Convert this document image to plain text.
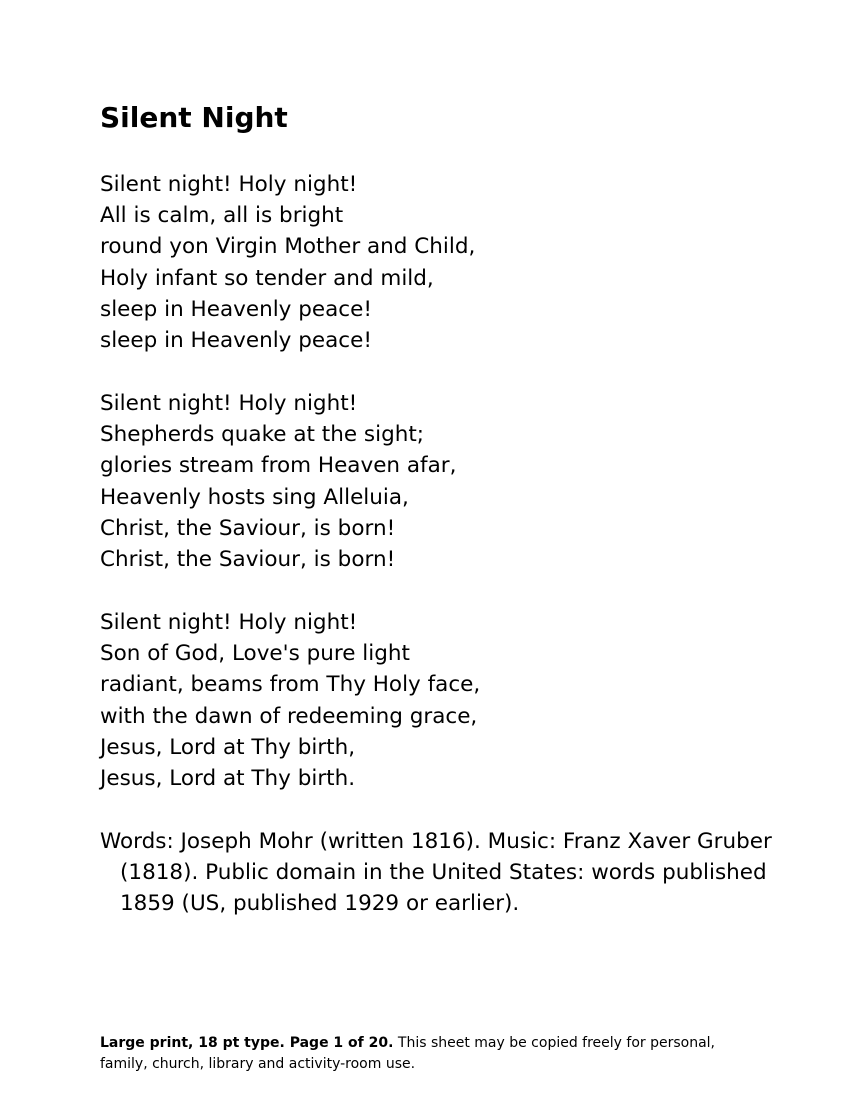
Silent Night
Silent night! Holy night!
All is calm, all is bright
round yon Virgin Mother and Child,
Holy infant so tender and mild,
sleep in Heavenly peace!
sleep in Heavenly peace!
Silent night! Holy night!
Shepherds quake at the sight;
glories stream from Heaven afar,
Heavenly hosts sing Alleluia,
Christ, the Saviour, is born!
Christ, the Saviour, is born!
Silent night! Holy night!
Son of God, Love's pure light
radiant, beams from Thy Holy face,
with the dawn of redeeming grace,
Jesus, Lord at Thy birth,
Jesus, Lord at Thy birth.

Words: Joseph Mohr (written 1816). Music: Franz Xaver Gruber (1818). Public domain in the United States: words published 1859 (US, published 1929 or earlier).

Large print, 18 pt type. Page 1 of 20. This sheet may be copied freely for personal, family, church, library and activity-room use.
